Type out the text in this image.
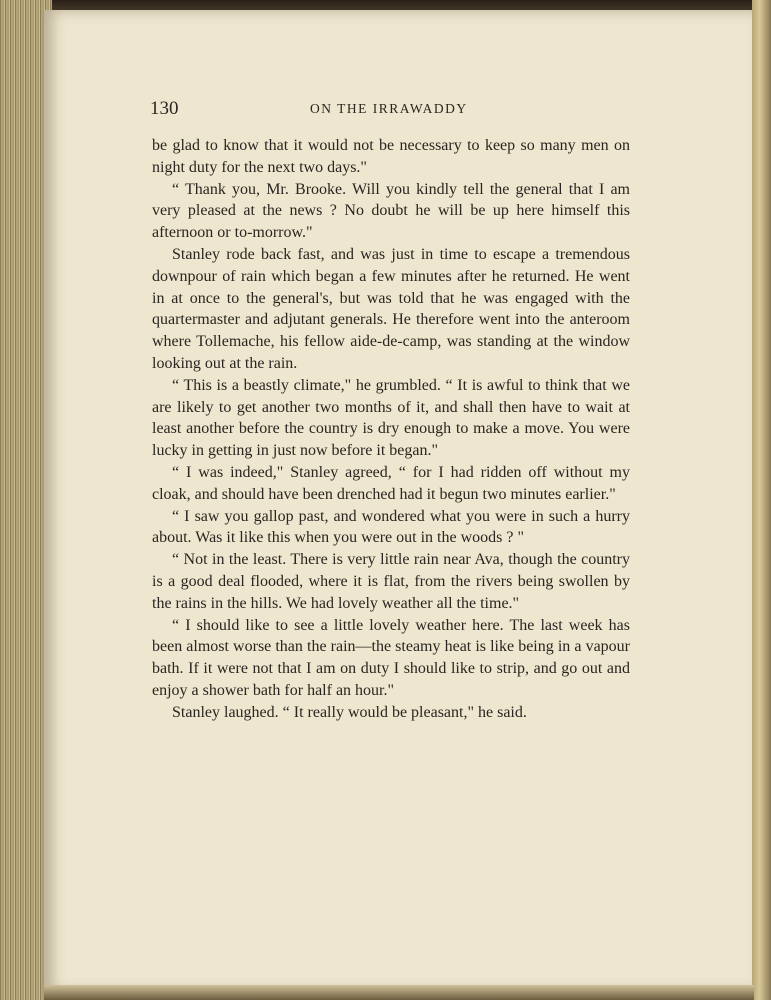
130	ON THE IRRAWADDY

be glad to know that it would not be necessary to keep so many men on night duty for the next two days."

“ Thank you, Mr. Brooke. Will you kindly tell the general that I am very pleased at the news ? No doubt he will be up here himself this afternoon or to-morrow."

Stanley rode back fast, and was just in time to escape a tremendous downpour of rain which began a few minutes after he returned. He went in at once to the general's, but was told that he was engaged with the quartermaster and adjutant generals. He therefore went into the anteroom where Tollemache, his fellow aide-de-camp, was standing at the window looking out at the rain.

“ This is a beastly climate," he grumbled. “ It is awful to think that we are likely to get another two months of it, and shall then have to wait at least another before the country is dry enough to make a move. You were lucky in getting in just now before it began."

“ I was indeed," Stanley agreed, “ for I had ridden off without my cloak, and should have been drenched had it begun two minutes earlier."

“ I saw you gallop past, and wondered what you were in such a hurry about. Was it like this when you were out in the woods ? "

“ Not in the least. There is very little rain near Ava, though the country is a good deal flooded, where it is flat, from the rivers being swollen by the rains in the hills. We had lovely weather all the time."

“ I should like to see a little lovely weather here. The last week has been almost worse than the rain—the steamy heat is like being in a vapour bath. If it were not that I am on duty I should like to strip, and go out and enjoy a shower bath for half an hour."

Stanley laughed. “ It really would be pleasant," he said.
